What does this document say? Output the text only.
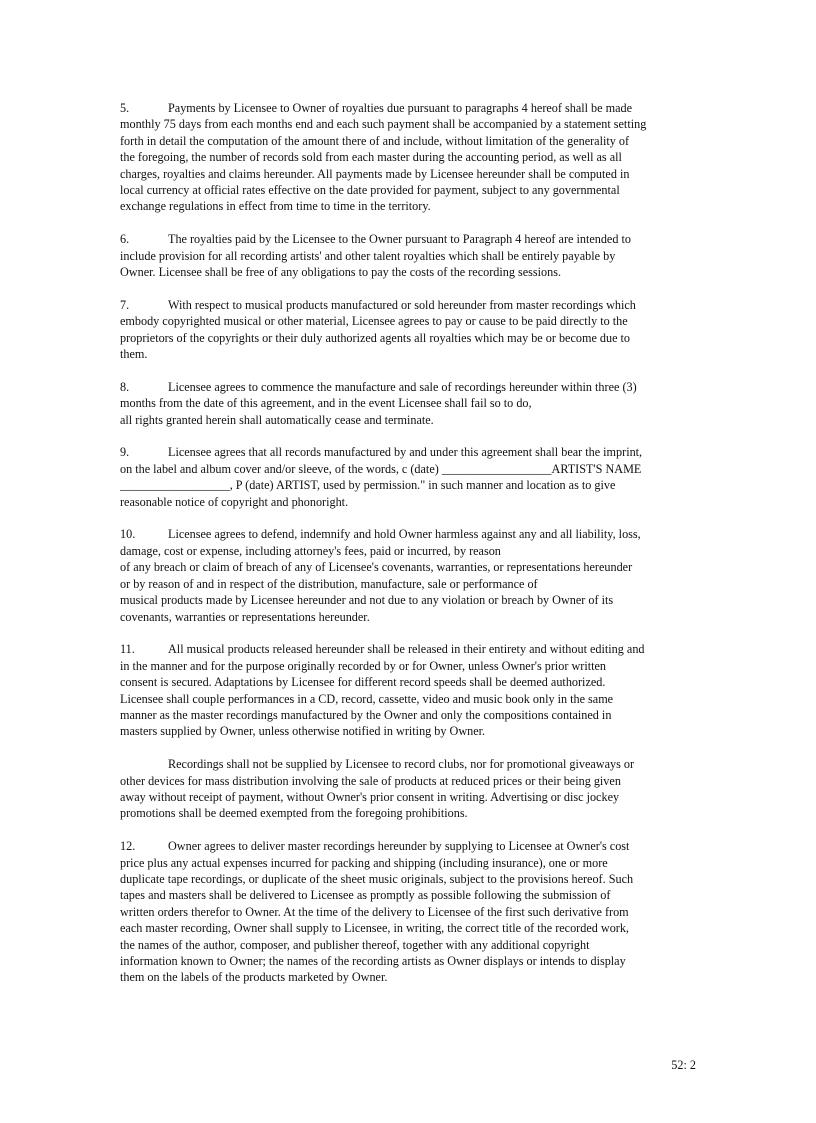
5.	Payments by Licensee to Owner of royalties due pursuant to paragraphs 4 hereof shall be made
monthly 75 days from each months end and each such payment shall be accompanied by a statement setting
forth in detail the computation of the amount there of and include, without limitation of the generality of
the foregoing, the number of records sold from each master during the accounting period, as well as all
charges, royalties and claims hereunder. All payments made by Licensee hereunder shall be computed in
local currency at official rates effective on the date provided for payment, subject to any governmental
exchange regulations in effect from time to time in the territory.

6.	The royalties paid by the Licensee to the Owner pursuant to Paragraph 4 hereof are intended to
include provision for all recording artists' and other talent royalties which shall be entirely payable by
Owner. Licensee shall be free of any obligations to pay the costs of the recording sessions.

7.	With respect to musical products manufactured or sold hereunder from master recordings which
embody copyrighted musical or other material, Licensee agrees to pay or cause to be paid directly to the
proprietors of the copyrights or their duly authorized agents all royalties which may be or become due to
them.

8.	Licensee agrees to commence the manufacture and sale of recordings hereunder within three (3)
months from the date of this agreement, and in the event Licensee shall fail so to do,
all rights granted herein shall automatically cease and terminate.

9.	Licensee agrees that all records manufactured by and under this agreement shall bear the imprint,
on the label and album cover and/or sleeve, of the words, c (date) __________________ARTIST'S NAME
__________________, P (date) ARTIST, used by permission." in such manner and location as to give
reasonable notice of copyright and phonoright.

10.	Licensee agrees to defend, indemnify and hold Owner harmless against any and all liability, loss,
damage, cost or expense, including attorney's fees, paid or incurred, by reason
of any breach or claim of breach of any of Licensee's covenants, warranties, or representations hereunder
or by reason of and in respect of the distribution, manufacture, sale or performance of
musical products made by Licensee hereunder and not due to any violation or breach by Owner of its
covenants, warranties or representations hereunder.

11.	All musical products released hereunder shall be released in their entirety and without editing and
in the manner and for the purpose originally recorded by or for Owner, unless Owner's prior written
consent is secured. Adaptations by Licensee for different record speeds shall be deemed authorized.
Licensee shall couple performances in a CD, record, cassette, video and music book only in the same
manner as the master recordings manufactured by the Owner and only the compositions contained in
masters supplied by Owner, unless otherwise notified in writing by Owner.

Recordings shall not be supplied by Licensee to record clubs, nor for promotional giveaways or
other devices for mass distribution involving the sale of products at reduced prices or their being given
away without receipt of payment, without Owner's prior consent in writing. Advertising or disc jockey
promotions shall be deemed exempted from the foregoing prohibitions.

12.	Owner agrees to deliver master recordings hereunder by supplying to Licensee at Owner's cost
price plus any actual expenses incurred for packing and shipping (including insurance), one or more
duplicate tape recordings, or duplicate of the sheet music originals, subject to the provisions hereof. Such
tapes and masters shall be delivered to Licensee as promptly as possible following the submission of
written orders therefor to Owner. At the time of the delivery to Licensee of the first such derivative from
each master recording, Owner shall supply to Licensee, in writing, the correct title of the recorded work,
the names of the author, composer, and publisher thereof, together with any additional copyright
information known to Owner; the names of the recording artists as Owner displays or intends to display
them on the labels of the products marketed by Owner.

52: 2
